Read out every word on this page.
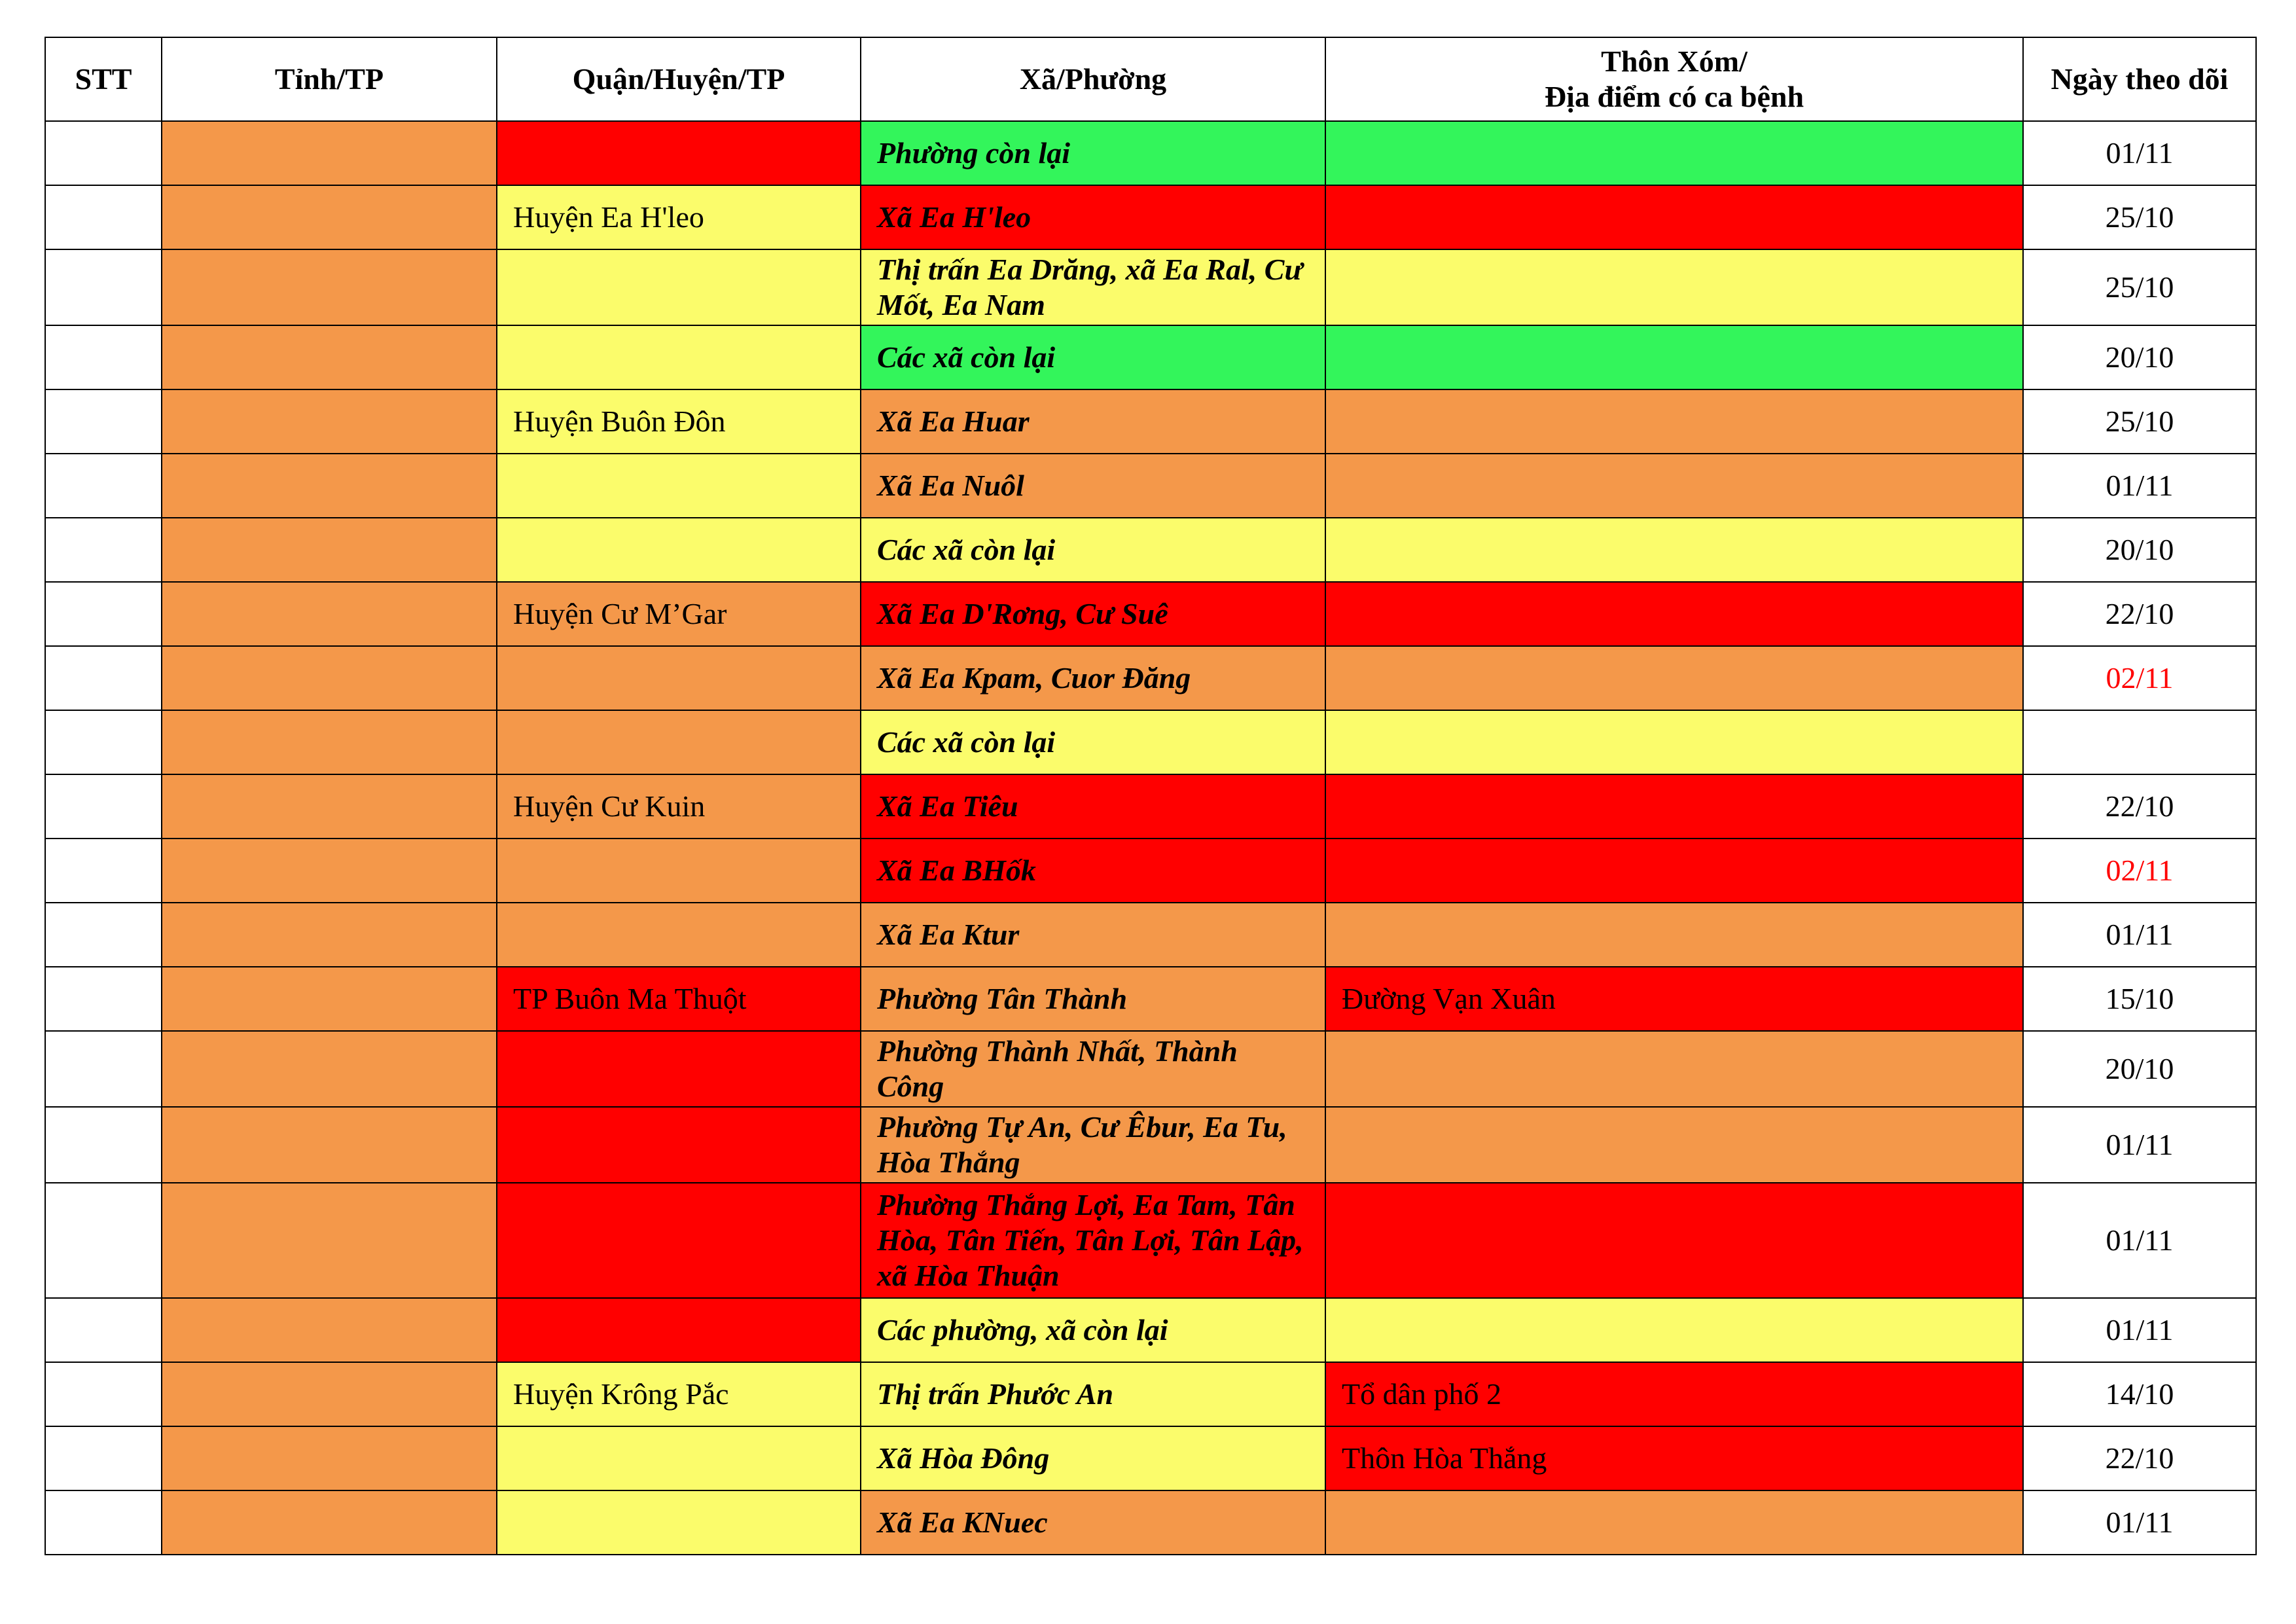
STT	Tỉnh/TP	Quận/Huyện/TP	Xã/Phường	Thôn Xóm/
Địa điểm có ca bệnh	Ngày theo dõi
			Phường còn lại		01/11
		Huyện Ea H'leo	Xã Ea H'leo		25/10
			Thị trấn Ea Drăng, xã Ea Ral, Cư Mốt, Ea Nam		25/10
			Các xã còn lại		20/10
		Huyện Buôn Đôn	Xã Ea Huar		25/10
			Xã Ea Nuôl		01/11
			Các xã còn lại		20/10
		Huyện Cư M’Gar	Xã Ea D'Rơng, Cư Suê		22/10
			Xã Ea Kpam, Cuor Đăng		02/11
			Các xã còn lại		
		Huyện Cư Kuin	Xã Ea Tiêu		22/10
			Xã Ea BHốk		02/11
			Xã Ea Ktur		01/11
		TP Buôn Ma Thuột	Phường Tân Thành	Đường Vạn Xuân	15/10
			Phường Thành Nhất, Thành Công		20/10
			Phường Tự An, Cư Êbur, Ea Tu, Hòa Thắng		01/11
			Phường Thắng Lợi, Ea Tam, Tân Hòa, Tân Tiến, Tân Lợi, Tân Lập, xã Hòa Thuận		01/11
			Các phường, xã còn lại		01/11
		Huyện Krông Pắc	Thị trấn Phước An	Tổ dân phố 2	14/10
			Xã Hòa Đông	Thôn Hòa Thắng	22/10
			Xã Ea KNuec		01/11
